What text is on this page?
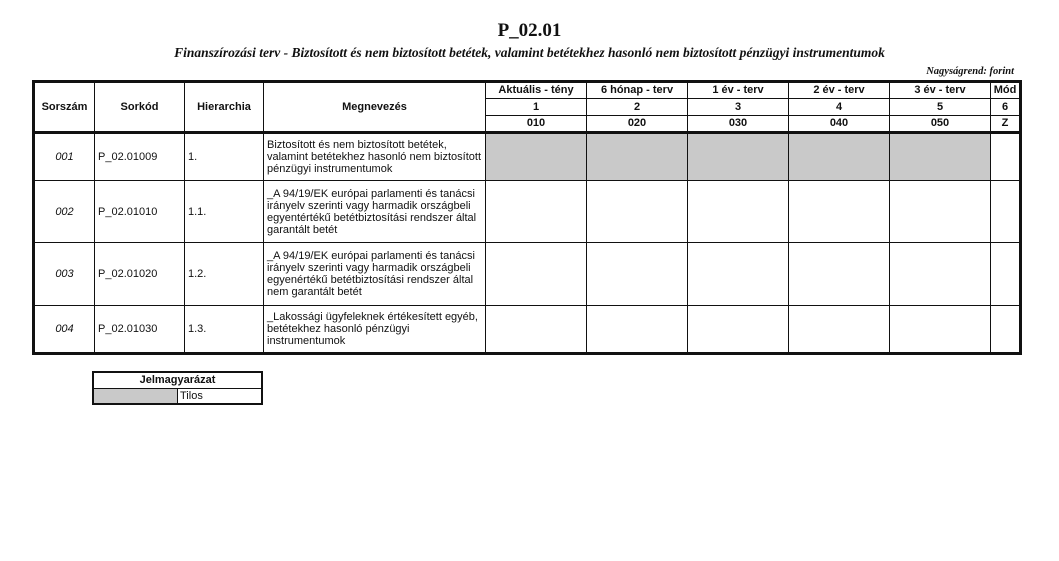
P_02.01
Finanszírozási terv - Biztosított és nem biztosított betétek, valamint betétekhez hasonló nem biztosított pénzügyi instrumentumok
Nagyságrend: forint
Sorszám	Sorkód	Hierarchia	Megnevezés	Aktuális - tény	6 hónap - terv	1 év - terv	2 év - terv	3 év - terv	Mód
				1	2	3	4	5	6
				010	020	030	040	050	Z
001	P_02.01009	1.	Biztosított és nem biztosított betétek, valamint betétekhez hasonló nem biztosított pénzügyi instrumentumok						
002	P_02.01010	1.1.	_A 94/19/EK európai parlamenti és tanácsi irányelv szerinti vagy harmadik országbeli egyentértékű betétbiztosítási rendszer által garantált betét						
003	P_02.01020	1.2.	_A 94/19/EK európai parlamenti és tanácsi irányelv szerinti vagy harmadik országbeli egyenértékű betétbiztosítási rendszer által nem garantált betét						
004	P_02.01030	1.3.	_Lakossági ügyfeleknek értékesített egyéb, betétekhez hasonló pénzügyi instrumentumok						
Jelmagyarázat
	Tilos
